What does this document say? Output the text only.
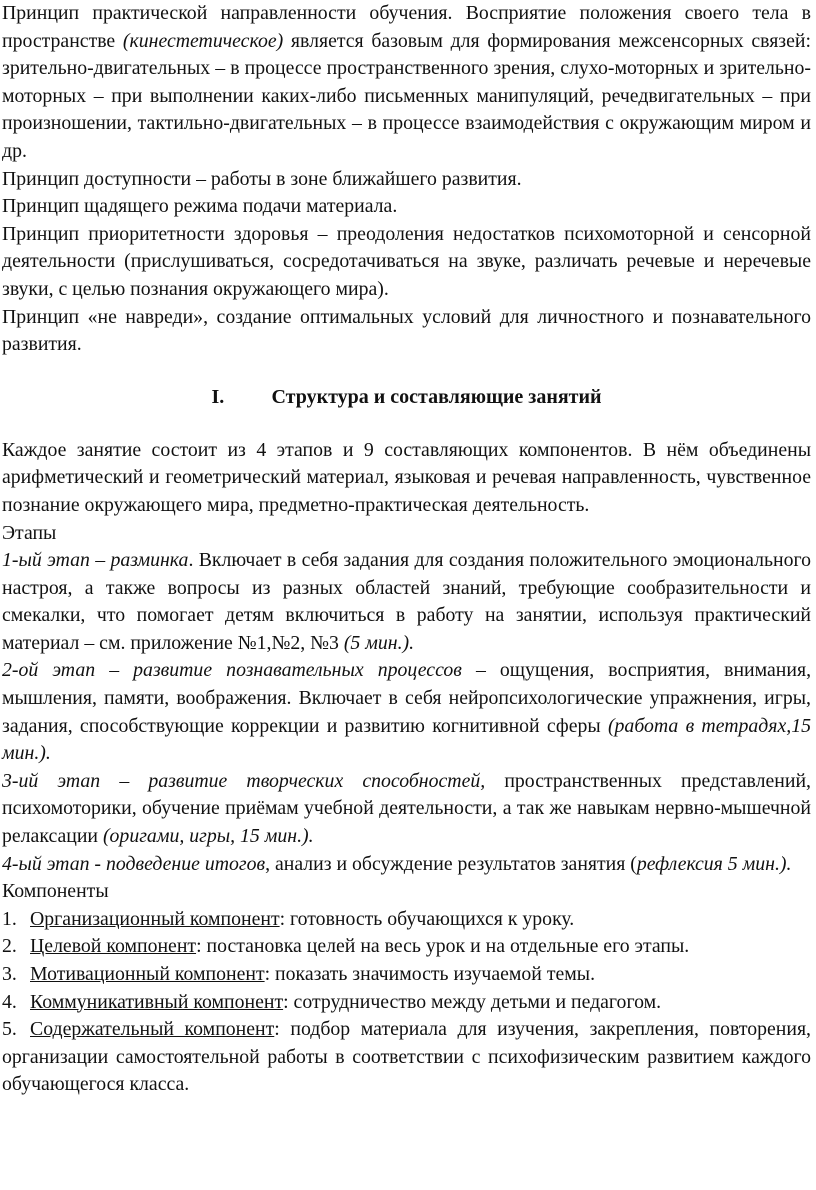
Принцип практической направленности обучения. Восприятие положения своего тела в пространстве (кинестетическое) является базовым для формирования межсенсорных связей: зрительно-двигательных – в процессе пространственного зрения, слухо-моторных и зрительно-моторных – при выполнении каких-либо письменных манипуляций, речедвигательных – при произношении, тактильно-двигательных – в процессе взаимодействия с окружающим миром и др.

Принцип доступности – работы в зоне ближайшего развития.

Принцип щадящего режима подачи материала.

Принцип приоритетности здоровья – преодоления недостатков психомоторной и сенсорной деятельности (прислушиваться, сосредотачиваться на звуке, различать речевые и неречевые звуки, с целью познания окружающего мира).

Принцип «не навреди», создание оптимальных условий для личностного и познавательного развития.

I. Структура и составляющие занятий

Каждое занятие состоит из 4 этапов и 9 составляющих компонентов. В нём объединены арифметический и геометрический материал, языковая и речевая направленность, чувственное познание окружающего мира, предметно-практическая деятельность.

Этапы

1-ый этап – разминка. Включает в себя задания для создания положительного эмоционального настроя, а также вопросы из разных областей знаний, требующие сообразительности и смекалки, что помогает детям включиться в работу на занятии, используя практический материал – см. приложение №1,№2, №3 (5 мин.).

2-ой этап – развитие познавательных процессов – ощущения, восприятия, внимания, мышления, памяти, воображения. Включает в себя нейропсихологические упражнения, игры, задания, способствующие коррекции и развитию когнитивной сферы (работа в тетрадях,15 мин.).

3-ий этап – развитие творческих способностей, пространственных представлений, психомоторики, обучение приёмам учебной деятельности, а так же навыкам нервно-мышечной релаксации (оригами, игры, 15 мин.).

4-ый этап - подведение итогов, анализ и обсуждение результатов занятия (рефлексия 5 мин.).

Компоненты

1. Организационный компонент: готовность обучающихся к уроку.
2. Целевой компонент: постановка целей на весь урок и на отдельные его этапы.
3. Мотивационный компонент: показать значимость изучаемой темы.
4. Коммуникативный компонент: сотрудничество между детьми и педагогом.
5. Содержательный компонент: подбор материала для изучения, закрепления, повторения, организации самостоятельной работы в соответствии с психофизическим развитием каждого обучающегося класса.
